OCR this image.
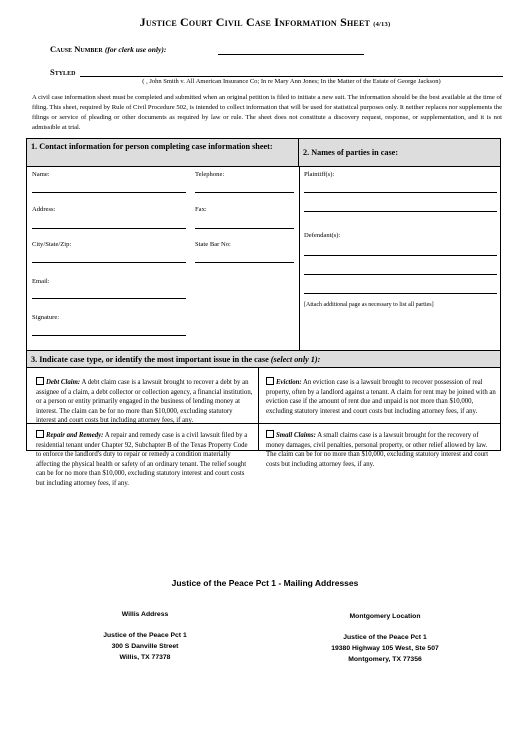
Justice Court Civil Case Information Sheet (4/13)
Cause Number (for clerk use only):
Styled
( , John Smith v. All American Insurance Co; In re Mary Ann Jones; In the Matter of the Estate of George Jackson)
A civil case information sheet must be completed and submitted when an original petition is filed to initiate a new suit. The information should be the best available at the time of filing. This sheet, required by Rule of Civil Procedure 502, is intended to collect information that will be used for statistical purposes only. It neither replaces nor supplements the filings or service of pleading or other documents as required by law or rule. The sheet does not constitute a discovery request, response, or supplementation, and it is not admissible at trial.
1. Contact information for person completing case information sheet:
2. Names of parties in case:
Name:	Telephone:
Address:	Fax:
City/State/Zip:	State Bar No:
Email:
Signature:
Plaintiff(s):
Defendant(s):
[Attach additional page as necessary to list all parties]
3. Indicate case type, or identify the most important issue in the case (select only 1):
Debt Claim: A debt claim case is a lawsuit brought to recover a debt by an assignee of a claim, a debt collector or collection agency, a financial institution, or a person or entity primarily engaged in the business of lending money at interest. The claim can be for no more than $10,000, excluding statutory interest and court costs but including attorney fees, if any.
Eviction: An eviction case is a lawsuit brought to recover possession of real property, often by a landlord against a tenant. A claim for rent may be joined with an eviction case if the amount of rent due and unpaid is not more than $10,000, excluding statutory interest and court costs but including attorney fees, if any.
Repair and Remedy: A repair and remedy case is a civil lawsuit filed by a residential tenant under Chapter 92, Subchapter B of the Texas Property Code to enforce the landlord's duty to repair or remedy a condition materially affecting the physical health or safety of an ordinary tenant. The relief sought can be for no more than $10,000, excluding statutory interest and court costs but including attorney fees, if any.
Small Claims: A small claims case is a lawsuit brought for the recovery of money damages, civil penalties, personal property, or other relief allowed by law. The claim can be for no more than $10,000, excluding statutory interest and court costs but including attorney fees, if any.
Justice of the Peace Pct 1 - Mailing Addresses
Willis Address
Justice of the Peace Pct 1
300 S Danville Street
Willis, TX 77378
Montgomery Location
Justice of the Peace Pct 1
19380 Highway 105 West, Ste 507
Montgomery, TX 77356
